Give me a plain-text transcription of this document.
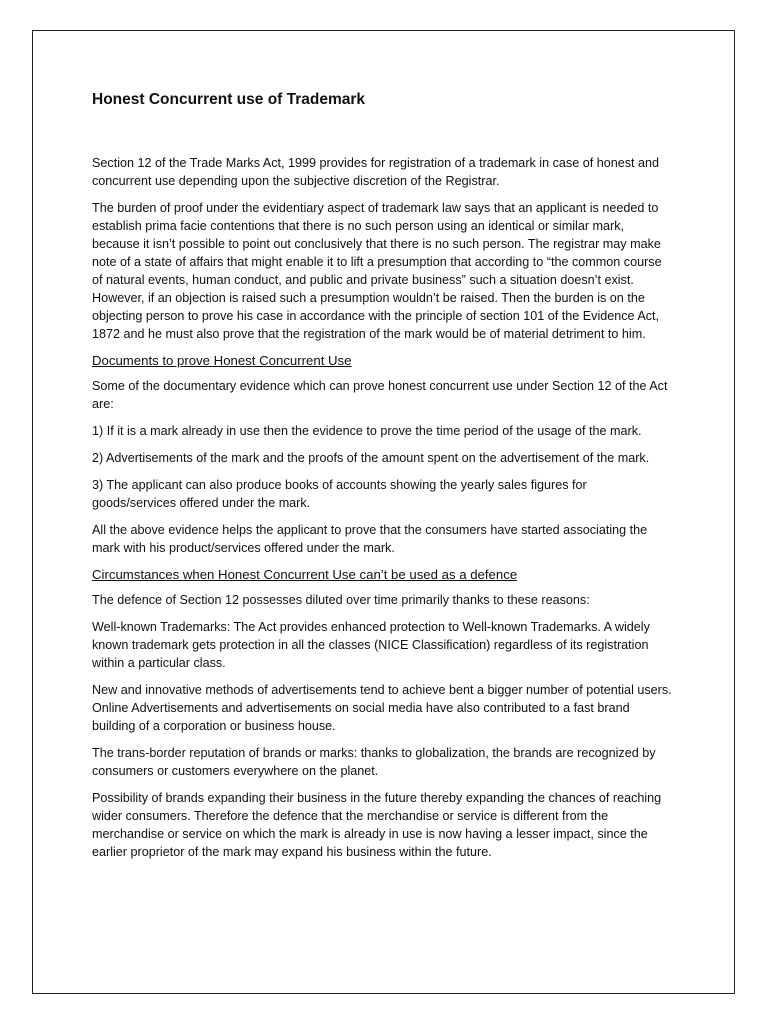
Honest Concurrent use of Trademark

Section 12 of the Trade Marks Act, 1999 provides for registration of a trademark in case of honest and concurrent use depending upon the subjective discretion of the Registrar.

The burden of proof under the evidentiary aspect of trademark law says that an applicant is needed to establish prima facie contentions that there is no such person using an identical or similar mark, because it isn’t possible to point out conclusively that there is no such person. The registrar may make note of a state of affairs that might enable it to lift a presumption that according to “the common course of natural events, human conduct, and public and private business” such a situation doesn’t exist. However, if an objection is raised such a presumption wouldn’t be raised. Then the burden is on the objecting person to prove his case in accordance with the principle of section 101 of the Evidence Act, 1872 and he must also prove that the registration of the mark would be of material detriment to him.

Documents to prove Honest Concurrent Use

Some of the documentary evidence which can prove honest concurrent use under Section 12 of the Act are:

1) If it is a mark already in use then the evidence to prove the time period of the usage of the mark.

2) Advertisements of the mark and the proofs of the amount spent on the advertisement of the mark.

3) The applicant can also produce books of accounts showing the yearly sales figures for goods/services offered under the mark.

All the above evidence helps the applicant to prove that the consumers have started associating the mark with his product/services offered under the mark.

Circumstances when Honest Concurrent Use can’t be used as a defence

The defence of Section 12 possesses diluted over time primarily thanks to these reasons:

Well-known Trademarks: The Act provides enhanced protection to Well-known Trademarks. A widely known trademark gets protection in all the classes (NICE Classification) regardless of its registration within a particular class.

New and innovative methods of advertisements tend to achieve bent a bigger number of potential users. Online Advertisements and advertisements on social media have also contributed to a fast brand building of a corporation or business house.

The trans-border reputation of brands or marks: thanks to globalization, the brands are recognized by consumers or customers everywhere on the planet.

Possibility of brands expanding their business in the future thereby expanding the chances of reaching wider consumers. Therefore the defence that the merchandise or service is different from the merchandise or service on which the mark is already in use is now having a lesser impact, since the earlier proprietor of the mark may expand his business within the future.
